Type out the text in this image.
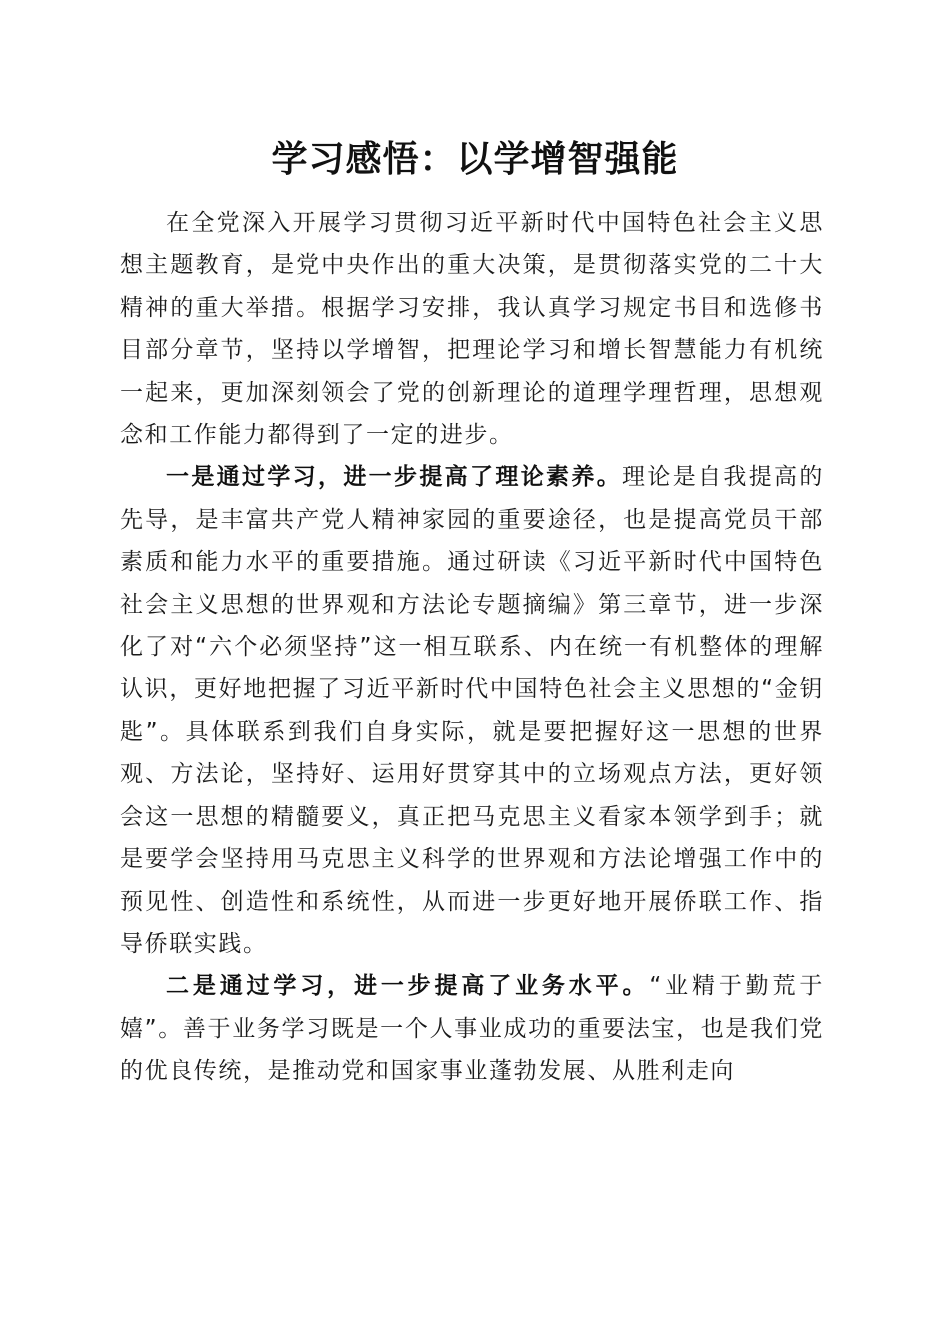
学习感悟：以学增智强能

在全党深入开展学习贯彻习近平新时代中国特色社会主义思想主题教育，是党中央作出的重大决策，是贯彻落实党的二十大精神的重大举措。根据学习安排，我认真学习规定书目和选修书目部分章节，坚持以学增智，把理论学习和增长智慧能力有机统一起来，更加深刻领会了党的创新理论的道理学理哲理，思想观念和工作能力都得到了一定的进步。

一是通过学习，进一步提高了理论素养。理论是自我提高的先导，是丰富共产党人精神家园的重要途径，也是提高党员干部素质和能力水平的重要措施。通过研读《习近平新时代中国特色社会主义思想的世界观和方法论专题摘编》第三章节，进一步深化了对“六个必须坚持”这一相互联系、内在统一有机整体的理解认识，更好地把握了习近平新时代中国特色社会主义思想的“金钥匙”。具体联系到我们自身实际，就是要把握好这一思想的世界观、方法论，坚持好、运用好贯穿其中的立场观点方法，更好领会这一思想的精髓要义，真正把马克思主义看家本领学到手；就是要学会坚持用马克思主义科学的世界观和方法论增强工作中的预见性、创造性和系统性，从而进一步更好地开展侨联工作、指导侨联实践。

二是通过学习，进一步提高了业务水平。“业精于勤荒于嬉”。善于业务学习既是一个人事业成功的重要法宝，也是我们党的优良传统，是推动党和国家事业蓬勃发展、从胜利走向
